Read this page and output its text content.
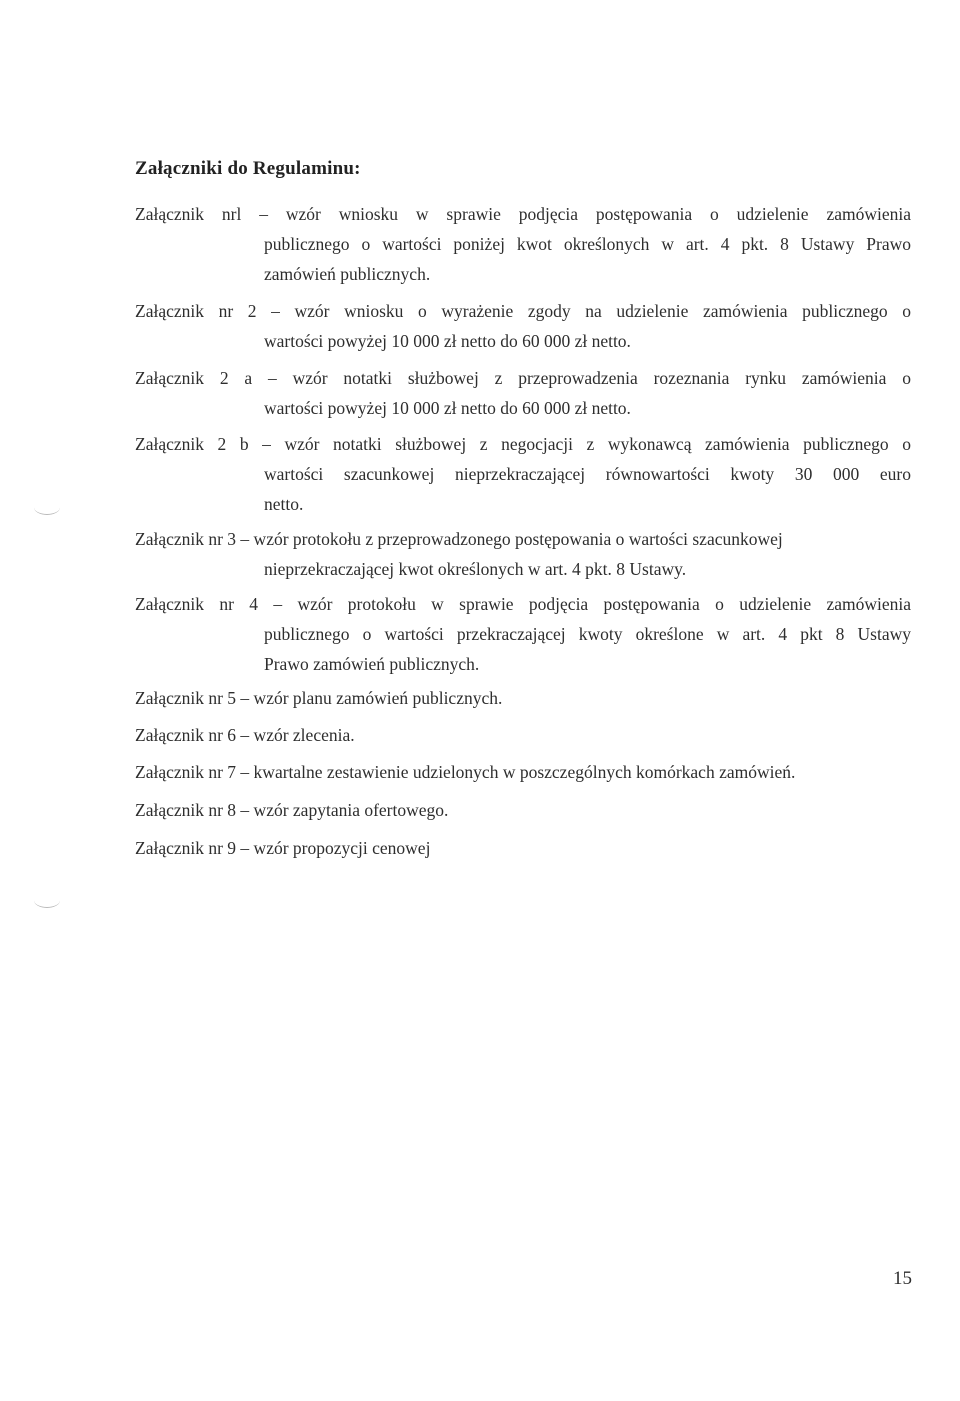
Załączniki do Regulaminu:
Załącznik nrl – wzór wniosku w sprawie podjęcia postępowania o udzielenie zamówienia
publicznego o wartości poniżej kwot określonych w art. 4 pkt. 8 Ustawy Prawo
zamówień publicznych.
Załącznik nr 2 – wzór wniosku o wyrażenie zgody na udzielenie zamówienia publicznego o
wartości powyżej 10 000 zł netto do 60 000 zł netto.
Załącznik 2 a – wzór notatki służbowej z przeprowadzenia rozeznania rynku zamówienia o
wartości powyżej 10 000 zł netto do 60 000 zł netto.
Załącznik 2 b – wzór notatki służbowej z negocjacji z wykonawcą zamówienia publicznego o
wartości szacunkowej nieprzekraczającej równowartości kwoty 30 000 euro
netto.
Załącznik nr 3 – wzór protokołu z przeprowadzonego postępowania o wartości szacunkowej
nieprzekraczającej kwot określonych w art. 4 pkt. 8 Ustawy.
Załącznik nr 4 – wzór protokołu w sprawie podjęcia postępowania o udzielenie zamówienia
publicznego o wartości przekraczającej kwoty określone w art. 4 pkt 8 Ustawy
Prawo zamówień publicznych.
Załącznik nr 5 – wzór planu zamówień publicznych.
Załącznik nr 6 – wzór zlecenia.
Załącznik nr 7 – kwartalne zestawienie udzielonych w poszczególnych komórkach zamówień.
Załącznik nr 8 – wzór zapytania ofertowego.
Załącznik nr 9 – wzór propozycji cenowej
15
